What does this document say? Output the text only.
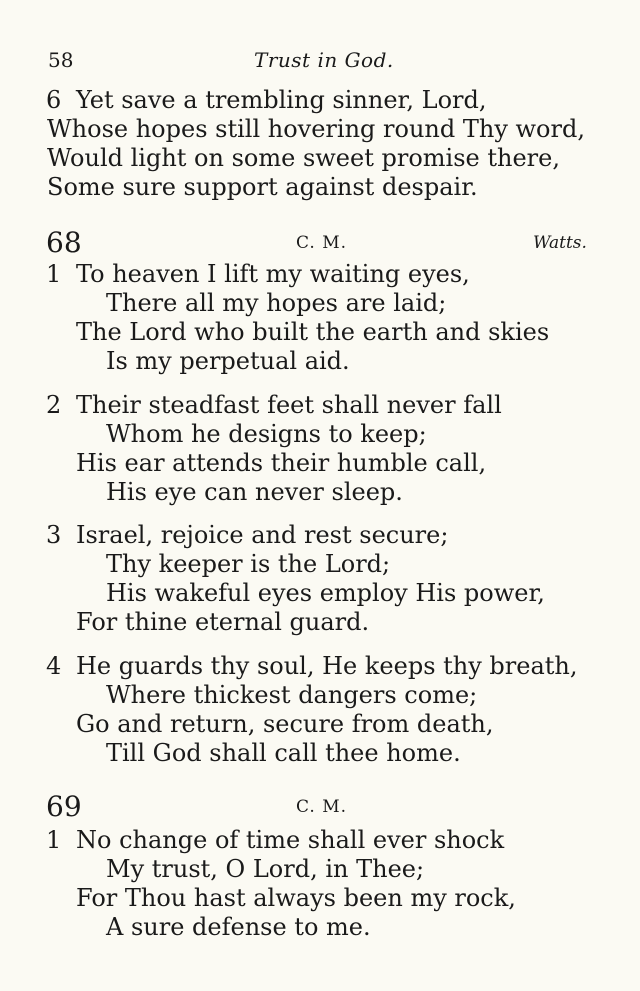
58	Trust in God.
6 Yet save a trembling sinner, Lord,
Whose hopes still hovering round Thy word,
Would light on some sweet promise there,
Some sure support against despair.
68	C. M.	Watts.
1 To heaven I lift my waiting eyes,
There all my hopes are laid;
The Lord who built the earth and skies
Is my perpetual aid.
2 Their steadfast feet shall never fall
Whom he designs to keep;
His ear attends their humble call,
His eye can never sleep.
3 Israel, rejoice and rest secure;
Thy keeper is the Lord;
His wakeful eyes employ His power,
For thine eternal guard.
4 He guards thy soul, He keeps thy breath,
Where thickest dangers come;
Go and return, secure from death,
Till God shall call thee home.
69	C. M.
1 No change of time shall ever shock
My trust, O Lord, in Thee;
For Thou hast always been my rock,
A sure defense to me.
